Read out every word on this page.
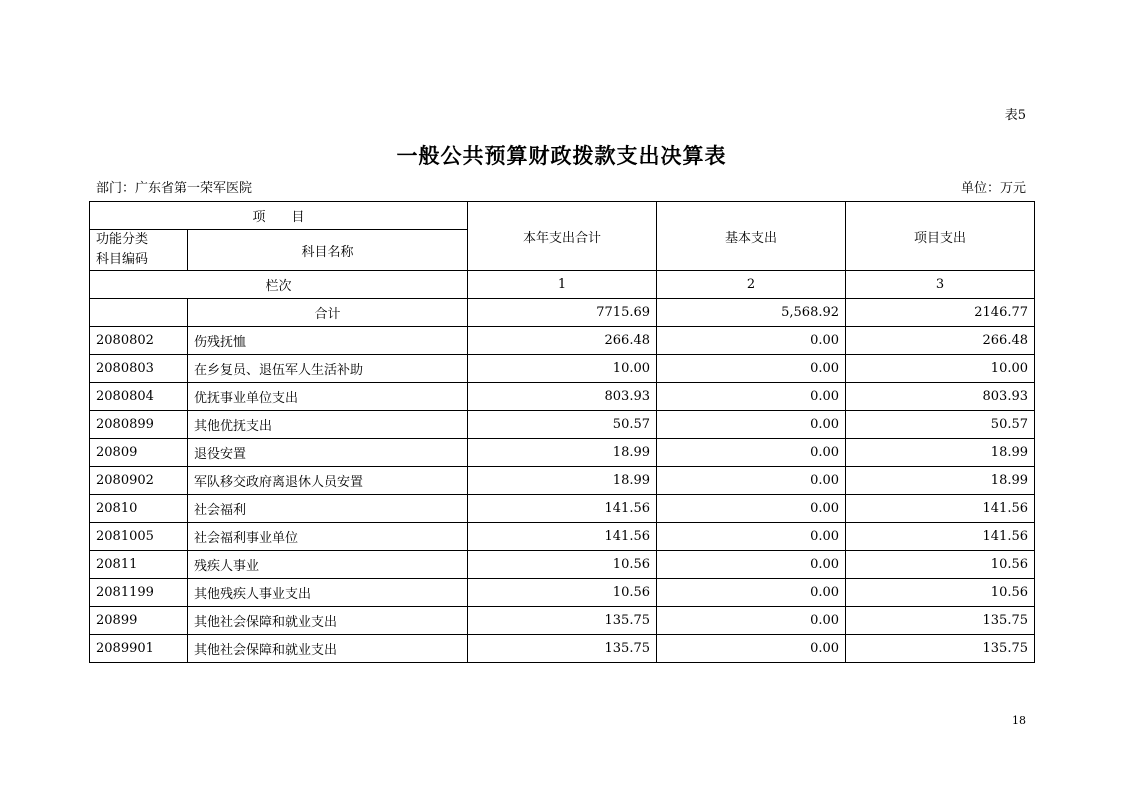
表5
一般公共预算财政拨款支出决算表
部门：广东省第一荣军医院	单位：万元
项　　目		本年支出合计	基本支出	项目支出

功能分类
科目编码	科目名称			
栏次		1	2	3
	合计	7715.69	5,568.92	2146.77
2080802	伤残抚恤	266.48	0.00	266.48
2080803	在乡复员、退伍军人生活补助	10.00	0.00	10.00
2080804	优抚事业单位支出	803.93	0.00	803.93
2080899	其他优抚支出	50.57	0.00	50.57
20809	退役安置	18.99	0.00	18.99
2080902	军队移交政府离退休人员安置	18.99	0.00	18.99
20810	社会福利	141.56	0.00	141.56
2081005	社会福利事业单位	141.56	0.00	141.56
20811	残疾人事业	10.56	0.00	10.56
2081199	其他残疾人事业支出	10.56	0.00	10.56
20899	其他社会保障和就业支出	135.75	0.00	135.75
2089901	其他社会保障和就业支出	135.75	0.00	135.75
18
